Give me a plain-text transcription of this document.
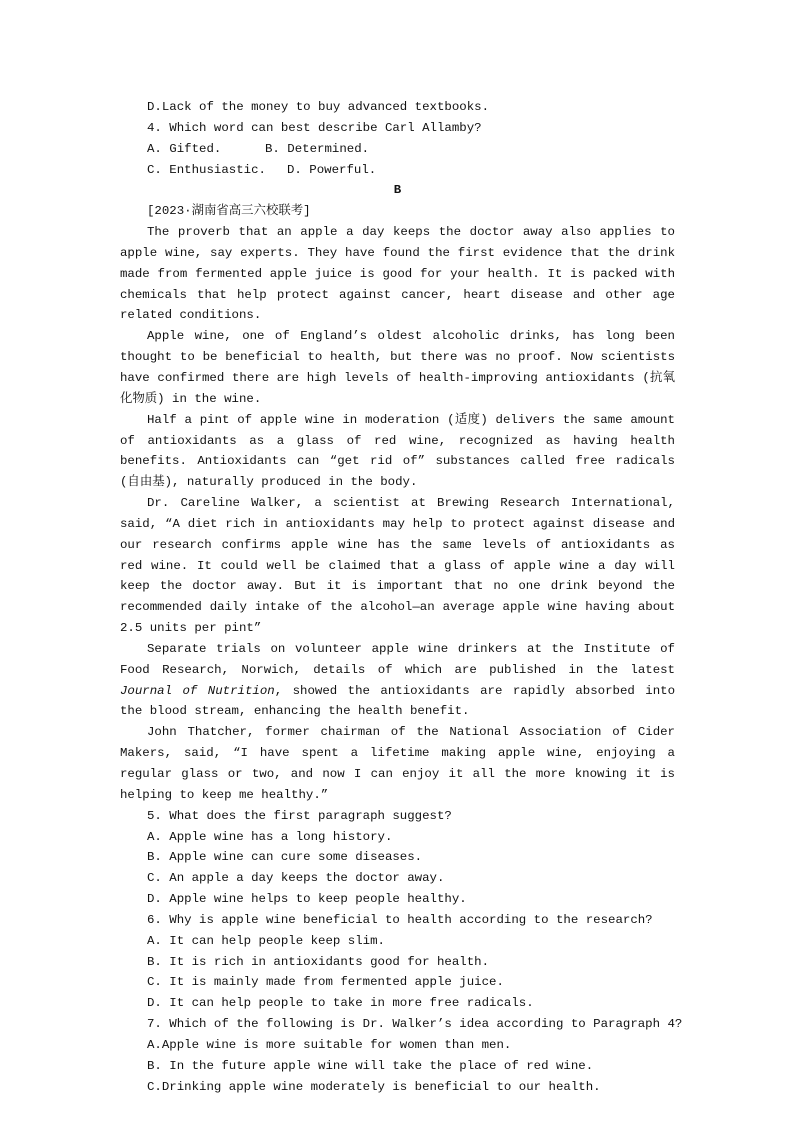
D.Lack of the money to buy advanced textbooks.

4. Which word can best describe Carl Allamby?

A. Gifted.	B. Determined.
C. Enthusiastic.	D. Powerful.

B

[2023·湖南省高三六校联考]

The proverb that an apple a day keeps the doctor away also applies to apple wine, say experts. They have found the first evidence that the drink made from fermented apple juice is good for your health. It is packed with chemicals that help protect against cancer, heart disease and other age related conditions.

Apple wine, one of England’s oldest alcoholic drinks, has long been thought to be beneficial to health, but there was no proof. Now scientists have confirmed there are high levels of health-improving antioxidants (抗氧化物质) in the wine.

Half a pint of apple wine in moderation (适度) delivers the same amount of antioxidants as a glass of red wine, recognized as having health benefits. Antioxidants can “get rid of” substances called free radicals (自由基), naturally produced in the body.

Dr. Careline Walker, a scientist at Brewing Research International, said, “A diet rich in antioxidants may help to protect against disease and our research confirms apple wine has the same levels of antioxidants as red wine. It could well be claimed that a glass of apple wine a day will keep the doctor away. But it is important that no one drink beyond the recommended daily intake of the alcohol—an average apple wine having about 2.5 units per pint”

Separate trials on volunteer apple wine drinkers at the Institute of Food Research, Norwich, details of which are published in the latest Journal of Nutrition, showed the antioxidants are rapidly absorbed into the blood stream, enhancing the health benefit.

John Thatcher, former chairman of the National Association of Cider Makers, said, “I have spent a lifetime making apple wine, enjoying a regular glass or two, and now I can enjoy it all the more knowing it is helping to keep me healthy.”

5. What does the first paragraph suggest?

A. Apple wine has a long history.

B. Apple wine can cure some diseases.

C. An apple a day keeps the doctor away.

D. Apple wine helps to keep people healthy.

6. Why is apple wine beneficial to health according to the research?

A. It can help people keep slim.

B. It is rich in antioxidants good for health.

C. It is mainly made from fermented apple juice.

D. It can help people to take in more free radicals.

7. Which of the following is Dr. Walker’s idea according to Paragraph 4?

A.Apple wine is more suitable for women than men.

B. In the future apple wine will take the place of red wine.

C.Drinking apple wine moderately is beneficial to our health.
